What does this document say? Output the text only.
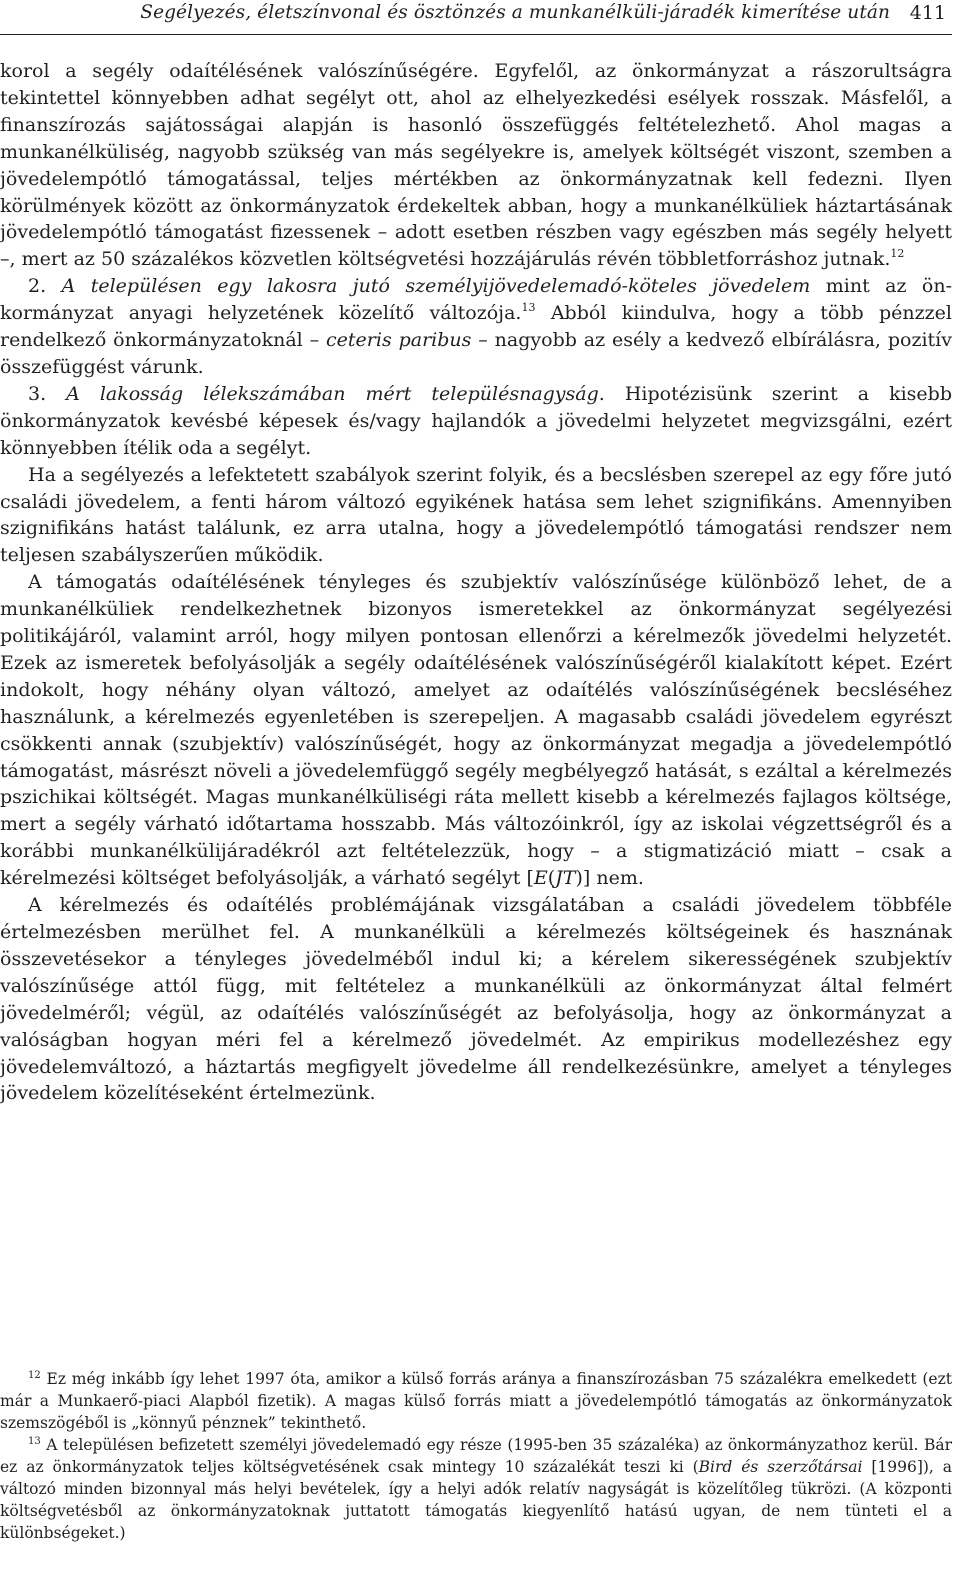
Segélyezés, életszínvonal és ösztönzés a munkanélküli-járadék kimerítése után 411

korol a segély odaítélésének valószínűségére. Egyfelől, az önkormányzat a rászorultságra tekintettel könnyebben adhat segélyt ott, ahol az elhelyezkedési esélyek rosszak. Másfelől, a finanszírozás sajátosságai alapján is hasonló összefüggés feltételezhető. Ahol magas a munkanélküliség, nagyobb szükség van más segélyekre is, amelyek költségét viszont, szemben a jövedelempótló támogatással, teljes mértékben az önkormányzatnak kell fedezni. Ilyen körülmények között az önkormányzatok érdekeltek abban, hogy a munkanélküliek háztartásának jövedelempótló támogatást fizessenek – adott esetben részben vagy egészben más segély helyett –, mert az 50 százalékos közvetlen költségvetési hozzájárulás révén többletforráshoz jutnak.$^{12}$

2. A településen egy lakosra jutó személyijövedelemadó-köteles jövedelem mint az önkormányzat anyagi helyzetének közelítő változója.$^{13}$ Abból kiindulva, hogy a több pénzzel rendelkező önkormányzatoknál – ceteris paribus – nagyobb az esély a kedvező elbírálásra, pozitív összefüggést várunk.

3. A lakosság lélekszámában mért településnagyság. Hipotézisünk szerint a kisebb önkormányzatok kevésbé képesek és/vagy hajlandók a jövedelmi helyzetet megvizsgálni, ezért könnyebben ítélik oda a segélyt.

Ha a segélyezés a lefektetett szabályok szerint folyik, és a becslésben szerepel az egy főre jutó családi jövedelem, a fenti három változó egyikének hatása sem lehet szignifikáns. Amennyiben szignifikáns hatást találunk, ez arra utalna, hogy a jövedelempótló támogatási rendszer nem teljesen szabályszerűen működik.

A támogatás odaítélésének tényleges és szubjektív valószínűsége különböző lehet, de a munkanélküliek rendelkezhetnek bizonyos ismeretekkel az önkormányzat segélyezési politikájáról, valamint arról, hogy milyen pontosan ellenőrzi a kérelmezők jövedelmi helyzetét. Ezek az ismeretek befolyásolják a segély odaítélésének valószínűségéről kialakított képet. Ezért indokolt, hogy néhány olyan változó, amelyet az odaítélés valószínűségének becsléséhez használunk, a kérelmezés egyenletében is szerepeljen. A magasabb családi jövedelem egyrészt csökkenti annak (szubjektív) valószínűségét, hogy az önkormányzat megadja a jövedelempótló támogatást, másrészt növeli a jövedelemfüggő segély megbélyegző hatását, s ezáltal a kérelmezés pszichikai költségét. Magas munkanélküliségi ráta mellett kisebb a kérelmezés fajlagos költsége, mert a segély várható időtartama hosszabb. Más változóinkról, így az iskolai végzettségről és a korábbi munkanélkülijáradékról azt feltételezzük, hogy – a stigmatizáció miatt – csak a kérelmezési költséget befolyásolják, a várható segélyt [E(JT)] nem.

A kérelmezés és odaítélés problémájának vizsgálatában a családi jövedelem többféle értelmezésben merülhet fel. A munkanélküli a kérelmezés költségeinek és hasznának összevetésekor a tényleges jövedelméből indul ki; a kérelem sikerességének szubjektív valószínűsége attól függ, mit feltételez a munkanélküli az önkormányzat által felmért jövedelméről; végül, az odaítélés valószínűségét az befolyásolja, hogy az önkormányzat a valóságban hogyan méri fel a kérelmező jövedelmét. Az empirikus modellezéshez egy jövedelemváltozó, a háztartás megfigyelt jövedelme áll rendelkezésünkre, amelyet a tényleges jövedelem közelítéseként értelmezünk.

$^{12}$ Ez még inkább így lehet 1997 óta, amikor a külső forrás aránya a finanszírozásban 75 százalékra emelkedett (ezt már a Munkaerő-piaci Alapból fizetik). A magas külső forrás miatt a jövedelempótló támogatás az önkormányzatok szemszögéből is „könnyű pénznek” tekinthető.

$^{13}$ A településen befizetett személyi jövedelemadó egy része (1995-ben 35 százaléka) az önkormányzathoz kerül. Bár ez az önkormányzatok teljes költségvetésének csak mintegy 10 százalékát teszi ki (Bird és szerzőtársai [1996]), a változó minden bizonnyal más helyi bevételek, így a helyi adók relatív nagyságát is közelítőleg tükrözi. (A központi költségvetésből az önkormányzatoknak juttatott támogatás kiegyenlítő hatású ugyan, de nem tünteti el a különbségeket.)
